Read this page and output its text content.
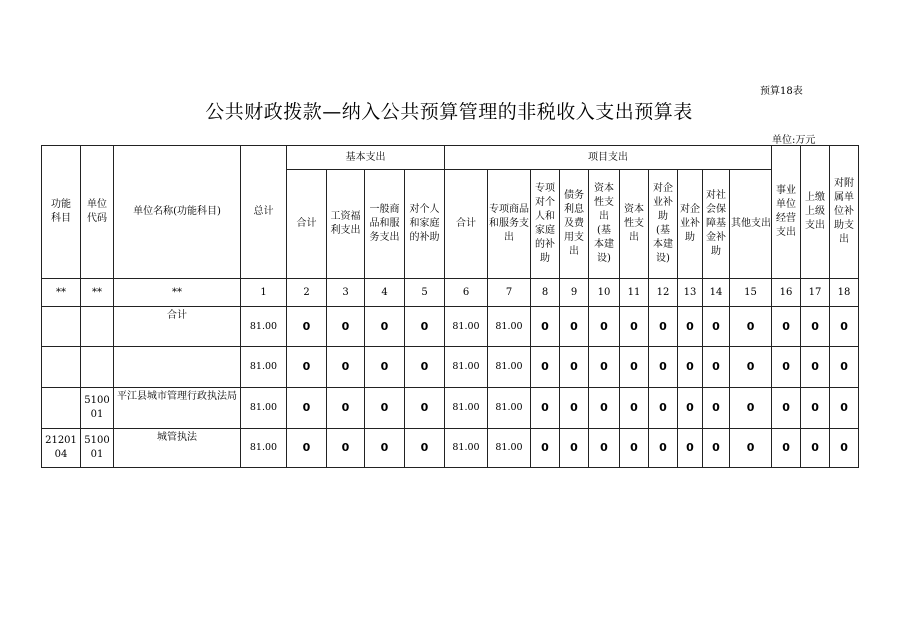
预算18表
公共财政拨款—纳入公共预算管理的非税收入支出预算表
单位:万元
功能科目	单位代码	单位名称(功能科目)	总计	基本支出				项目支出										事业单位经营支出	上缴上级支出	对附属单位补助支出

				合计	工资福利支出	一般商品和服务支出	对个人和家庭的补助	合计	专项商品和服务支出	专项对个人和家庭的补助	债务利息及费用支出	资本性支出(基本建设)	资本性支出	对企业补助(基本建设)	对企业补助	对社会保障基金补助	其他支出			

**	**	**	1	2	3	4	5	6	7	8	9	10	11	12	13	14	15	16	17	18
		合计	81.00	0	0	0	0	81.00	81.00	0	0	0	0	0	0	0	0	0	0	0
			81.00	0	0	0	0	81.00	81.00	0	0	0	0	0	0	0	0	0	0	0
	510001	平江县城市管理行政执法局	81.00	0	0	0	0	81.00	81.00	0	0	0	0	0	0	0	0	0	0	0
2120104	510001	城管执法	81.00	0	0	0	0	81.00	81.00	0	0	0	0	0	0	0	0	0	0	0
